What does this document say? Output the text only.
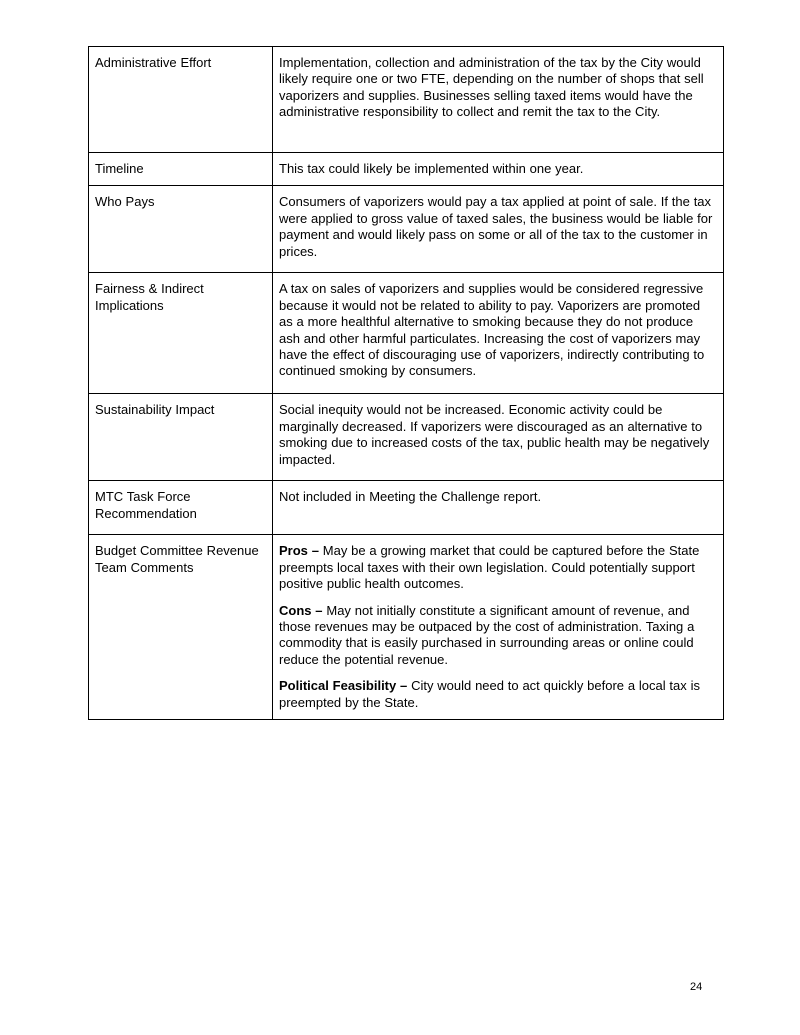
Administrative Effort	Implementation, collection and administration of the tax by the City would likely require one or two FTE, depending on the number of shops that sell vaporizers and supplies. Businesses selling taxed items would have the administrative responsibility to collect and remit the tax to the City.

Timeline	This tax could likely be implemented within one year.

Who Pays	Consumers of vaporizers would pay a tax applied at point of sale. If the tax were applied to gross value of taxed sales, the business would be liable for payment and would likely pass on some or all of the tax to the customer in prices.

Fairness & Indirect Implications	A tax on sales of vaporizers and supplies would be considered regressive because it would not be related to ability to pay. Vaporizers are promoted as a more healthful alternative to smoking because they do not produce ash and other harmful particulates. Increasing the cost of vaporizers may have the effect of discouraging use of vaporizers, indirectly contributing to continued smoking by consumers.

Sustainability Impact	Social inequity would not be increased. Economic activity could be marginally decreased. If vaporizers were discouraged as an alternative to smoking due to increased costs of the tax, public health may be negatively impacted.

MTC Task Force Recommendation	Not included in Meeting the Challenge report.

Budget Committee Revenue Team Comments	Pros – May be a growing market that could be captured before the State preempts local taxes with their own legislation. Could potentially support positive public health outcomes.

Cons – May not initially constitute a significant amount of revenue, and those revenues may be outpaced by the cost of administration. Taxing a commodity that is easily purchased in surrounding areas or online could reduce the potential revenue.

Political Feasibility – City would need to act quickly before a local tax is preempted by the State.

24
